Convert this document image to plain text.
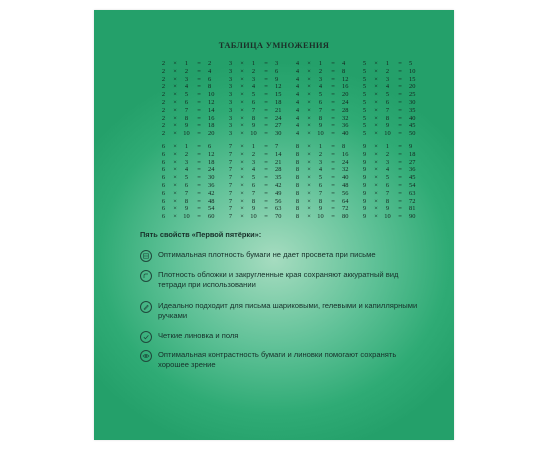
ТАБЛИЦА УМНОЖЕНИЯ
2	×	1	=	2
2	×	2	=	4
2	×	3	=	6
2	×	4	=	8
2	×	5	=	10
2	×	6	=	12
2	×	7	=	14
2	×	8	=	16
2	×	9	=	18
2	×	10	=	20
3	×	1	=	3
3	×	2	=	6
3	×	3	=	9
3	×	4	=	12
3	×	5	=	15
3	×	6	=	18
3	×	7	=	21
3	×	8	=	24
3	×	9	=	27
3	×	10	=	30
4	×	1	=	4
4	×	2	=	8
4	×	3	=	12
4	×	4	=	16
4	×	5	=	20
4	×	6	=	24
4	×	7	=	28
4	×	8	=	32
4	×	9	=	36
4	×	10	=	40
5	×	1	=	5
5	×	2	=	10
5	×	3	=	15
5	×	4	=	20
5	×	5	=	25
5	×	6	=	30
5	×	7	=	35
5	×	8	=	40
5	×	9	=	45
5	×	10	=	50
6	×	1	=	6
6	×	2	=	12
6	×	3	=	18
6	×	4	=	24
6	×	5	=	30
6	×	6	=	36
6	×	7	=	42
6	×	8	=	48
6	×	9	=	54
6	×	10	=	60
7	×	1	=	7
7	×	2	=	14
7	×	3	=	21
7	×	4	=	28
7	×	5	=	35
7	×	6	=	42
7	×	7	=	49
7	×	8	=	56
7	×	9	=	63
7	×	10	=	70
8	×	1	=	8
8	×	2	=	16
8	×	3	=	24
8	×	4	=	32
8	×	5	=	40
8	×	6	=	48
8	×	7	=	56
8	×	8	=	64
8	×	9	=	72
8	×	10	=	80
9	×	1	=	9
9	×	2	=	18
9	×	3	=	27
9	×	4	=	36
9	×	5	=	45
9	×	6	=	54
9	×	7	=	63
9	×	8	=	72
9	×	9	=	81
9	×	10	=	90
Пять свойств «Первой пятёрки»:
Оптимальная плотность бумаги не дает просвета при письме
Плотность обложки и закругленные края сохраняют аккуратный вид тетради при использовании
Идеально подходит для письма шариковыми, гелевыми и капиллярными ручками
Четкие линовка и поля
Оптимальная контрастность бумаги и линовки помогают сохранять хорошее зрение
